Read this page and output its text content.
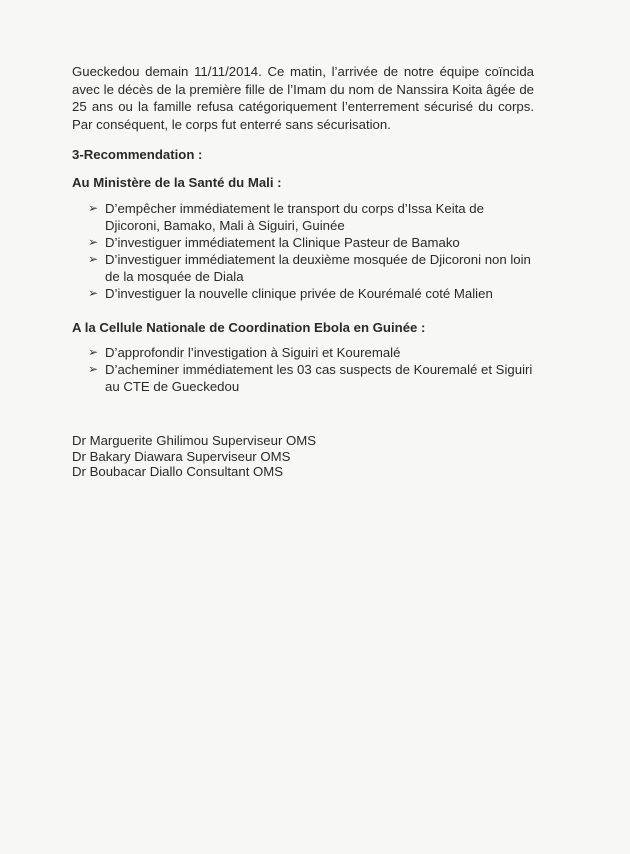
Gueckedou demain 11/11/2014. Ce matin, l’arrivée de notre équipe coïncida avec le décès de la première fille de l’Imam du nom de Nanssira Koita âgée de 25 ans ou la famille refusa catégoriquement l’enterrement sécurisé du corps. Par conséquent, le corps fut enterré sans sécurisation.
3-Recommendation :
Au Ministère de la Santé du Mali :
➢ D’empêcher immédiatement le transport du corps d’Issa Keita de Djicoroni, Bamako, Mali à Siguiri, Guinée
➢ D’investiguer immédiatement la Clinique Pasteur de Bamako
➢ D’investiguer immédiatement la deuxième mosquée de Djicoroni non loin de la mosquée de Diala
➢ D’investiguer la nouvelle clinique privée de Kourémalé coté Malien
A la Cellule Nationale de Coordination Ebola en Guinée :
➢ D’approfondir l’investigation à Siguiri et Kouremalé
➢ D’acheminer immédiatement les 03 cas suspects de Kouremalé et Siguiri au CTE de Gueckedou
Dr Marguerite Ghilimou Superviseur OMS
Dr Bakary Diawara Superviseur OMS
Dr Boubacar Diallo Consultant OMS
